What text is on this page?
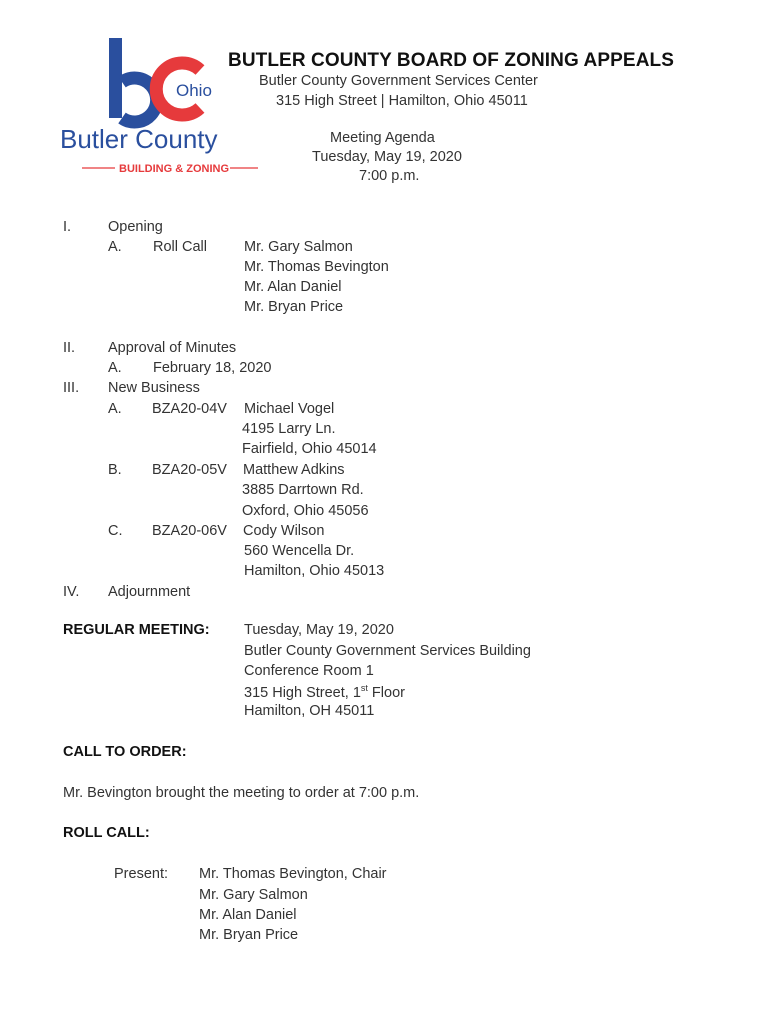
Ohio
Butler County
BUILDING & ZONING
BUTLER COUNTY BOARD OF ZONING APPEALS
Butler County Government Services Center
315 High Street | Hamilton, Ohio 45011
Meeting Agenda
Tuesday, May 19, 2020
7:00 p.m.
I.	Opening
A. Roll Call	Mr. Gary Salmon
Mr. Thomas Bevington
Mr. Alan Daniel
Mr. Bryan Price
II. Approval of Minutes
A. February 18, 2020
III. New Business
A. BZA20-04V Michael Vogel
4195 Larry Ln.
Fairfield, Ohio 45014
B. BZA20-05V Matthew Adkins
3885 Darrtown Rd.
Oxford, Ohio 45056
C. BZA20-06V Cody Wilson
560 Wencella Dr.
Hamilton, Ohio 45013
IV. Adjournment
REGULAR MEETING: Tuesday, May 19, 2020
Butler County Government Services Building
Conference Room 1
315 High Street, 1st Floor
Hamilton, OH 45011
CALL TO ORDER:
Mr. Bevington brought the meeting to order at 7:00 p.m.
ROLL CALL:
Present: Mr. Thomas Bevington, Chair
Mr. Gary Salmon
Mr. Alan Daniel
Mr. Bryan Price
